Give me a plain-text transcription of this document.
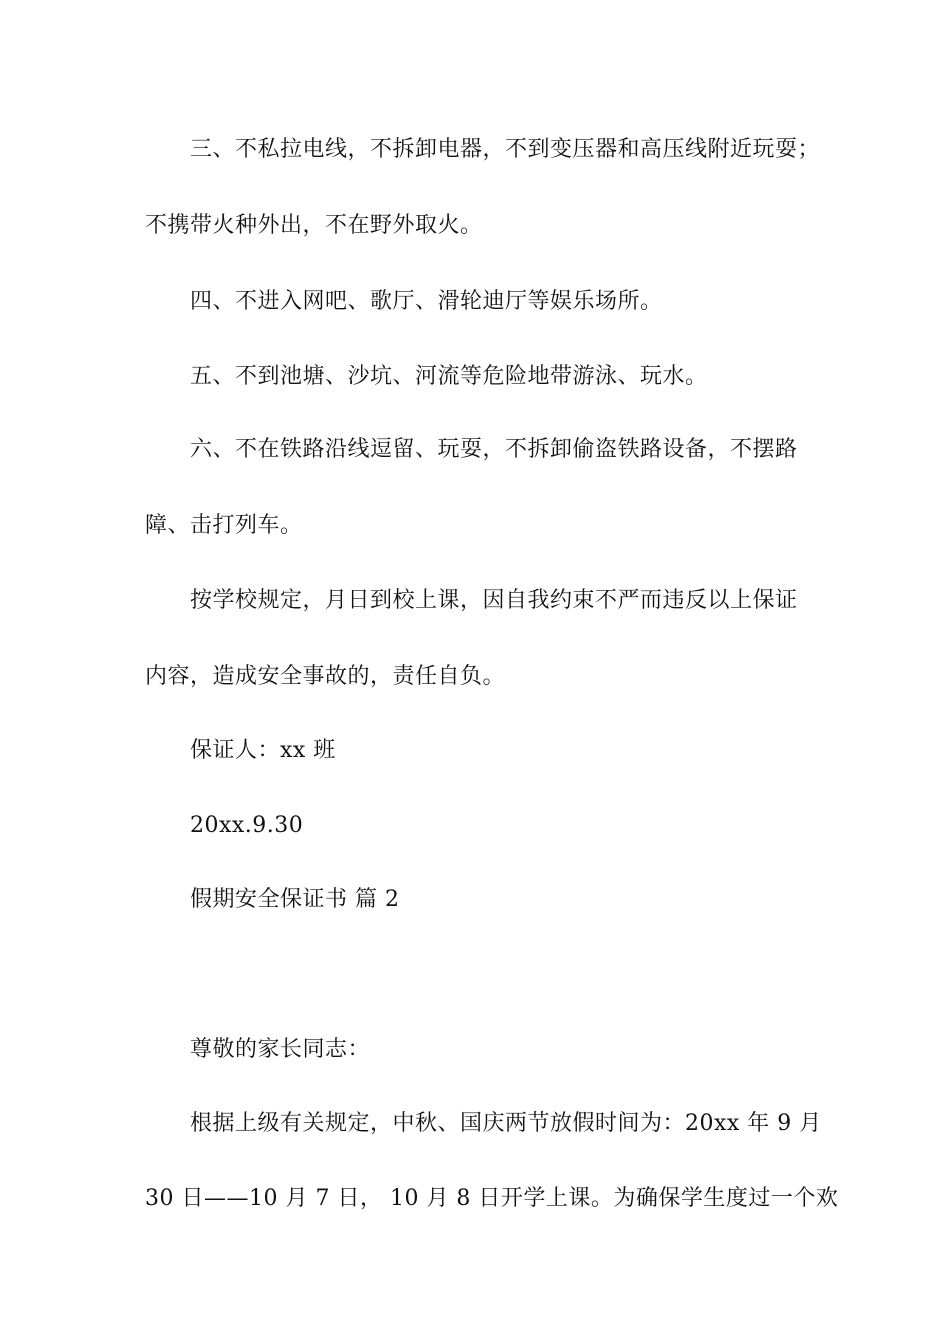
三、不私拉电线，不拆卸电器，不到变压器和高压线附近玩耍；
不携带火种外出，不在野外取火。
四、不进入网吧、歌厅、滑轮迪厅等娱乐场所。
五、不到池塘、沙坑、河流等危险地带游泳、玩水。
六、不在铁路沿线逗留、玩耍，不拆卸偷盗铁路设备，不摆路
障、击打列车。
按学校规定，月日到校上课，因自我约束不严而违反以上保证
内容，造成安全事故的，责任自负。
保证人：xx 班
20xx.9.30
假期安全保证书 篇 2
尊敬的家长同志：
根据上级有关规定，中秋、国庆两节放假时间为：20xx 年 9 月
30 日——10 月 7 日， 10 月 8 日开学上课。为确保学生度过一个欢
